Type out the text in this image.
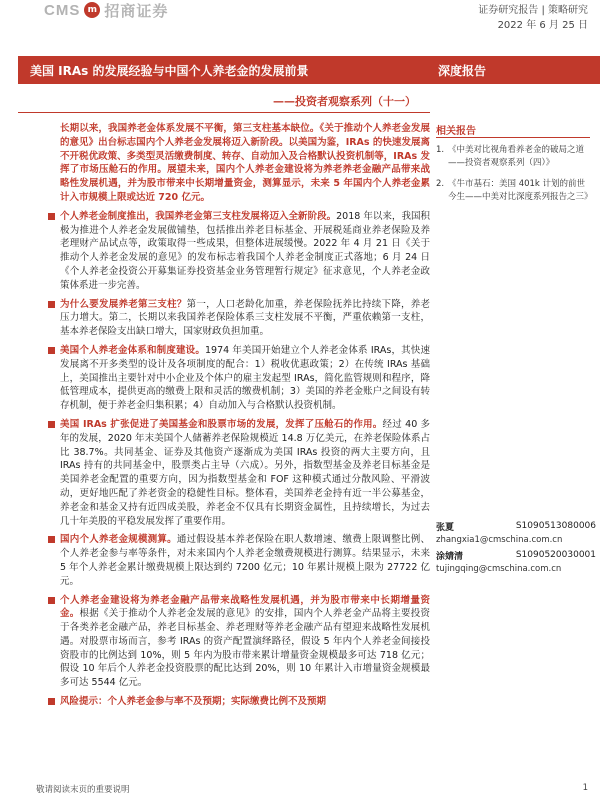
CMS m 招商证券	证券研究报告 | 策略研究
2022 年 6 月 25 日
美国 IRAs 的发展经验与中国个人养老金的发展前景
——投资者观察系列（十一）
深度报告
相关报告
1. 《中美对比视角看养老金的破局之道——投资者观察系列（四）》
2. 《牛市基石：美国 401k 计划的前世今生——中美对比深度系列报告之三》
张夏	S1090513080006
zhangxia1@cmschina.com.cn
涂婧清	S1090520030001
tujingqing@cmschina.com.cn

长期以来，我国养老金体系发展不平衡，第三支柱基本缺位。《关于推动个人养老金发展的意见》出台标志国内个人养老金发展将迈入新阶段。以美国为鉴，IRAs 的快速发展离不开税优政策、多类型灵活缴费制度、转存、自动加入及合格默认投资机制等，IRAs 发挥了市场压舱石的作用。展望未来，国内个人养老金建设将为养老养老金融产品带来战略性发展机遇，并为股市带来中长期增量资金，测算显示，未来 5 年国内个人养老金累计入市规模上限或达近 720 亿元。

个人养老金制度推出，我国养老金第三支柱发展将迈入全新阶段。2018 年以来，我国积极为推进个人养老金发展做铺垫，包括推出养老目标基金、开展税延商业养老保险及养老理财产品试点等，政策取得一些成果，但整体进展缓慢。2022 年 4 月 21 日《关于推动个人养老金发展的意见》的发布标志着我国个人养老金制度正式落地；6 月 24 日《个人养老金投资公开募集证券投资基金业务管理暂行规定》征求意见，个人养老金政策体系进一步完善。

为什么要发展养老第三支柱？第一，人口老龄化加重，养老保险抚养比持续下降，养老压力增大。第二，长期以来我国养老保险体系三支柱发展不平衡，严重依赖第一支柱，基本养老保险支出缺口增大，国家财政负担加重。

美国个人养老金体系和制度建设。1974 年美国开始建立个人养老金体系 IRAs，其快速发展离不开多类型的设计及各项制度的配合：1）税收优惠政策；2）在传统 IRAs 基础上，美国推出主要针对中小企业及个体户的雇主发起型 IRAs，简化监管规则和程序，降低管理成本，提供更高的缴费上限和灵活的缴费机制；3）美国的养老金账户之间设有转存机制，便于养老金归集积累；4）自动加入与合格默认投资机制。

美国 IRAs 扩张促进了美国基金和股票市场的发展，发挥了压舱石的作用。经过 40 多年的发展，2020 年末美国个人储蓄养老保险规模近 14.8 万亿美元，在养老保险体系占比 38.7%。共同基金、证券及其他资产逐渐成为美国 IRAs 投资的两大主要方向，且 IRAs 持有的共同基金中，股票类占主导（六成）。另外，指数型基金及养老目标基金是美国养老金配置的重要方向，因为指数型基金和 FOF 这种模式通过分散风险、平滑波动，更好地匹配了养老资金的稳健性目标。整体看，美国养老金持有近一半公募基金，养老金和基金又持有近四成美股，养老金不仅具有长期资金属性，且持续增长，为过去几十年美股的平稳发展发挥了重要作用。

国内个人养老金规模测算。通过假设基本养老保险在职人数增速、缴费上限调整比例、个人养老金参与率等条件，对未来国内个人养老金缴费规模进行测算。结果显示，未来 5 年个人养老金累计缴费规模上限达到约 7200 亿元；10 年累计规模上限为 27722 亿元。

个人养老金建设将为养老金融产品带来战略性发展机遇，并为股市带来中长期增量资金。根据《关于推动个人养老金发展的意见》的安排，国内个人养老金产品将主要投资于各类养老金融产品，养老目标基金、养老理财等养老金融产品有望迎来战略性发展机遇。对股票市场而言，参考 IRAs 的资产配置演绎路径，假设 5 年内个人养老金间接投资股市的比例达到 10%，则 5 年内为股市带来累计增量资金规模最多可达 718 亿元；假设 10 年后个人养老金投资股票的配比达到 20%，则 10 年累计入市增量资金规模最多可达 5544 亿元。

风险提示：个人养老金参与率不及预期；实际缴费比例不及预期

敬请阅读末页的重要说明	1
